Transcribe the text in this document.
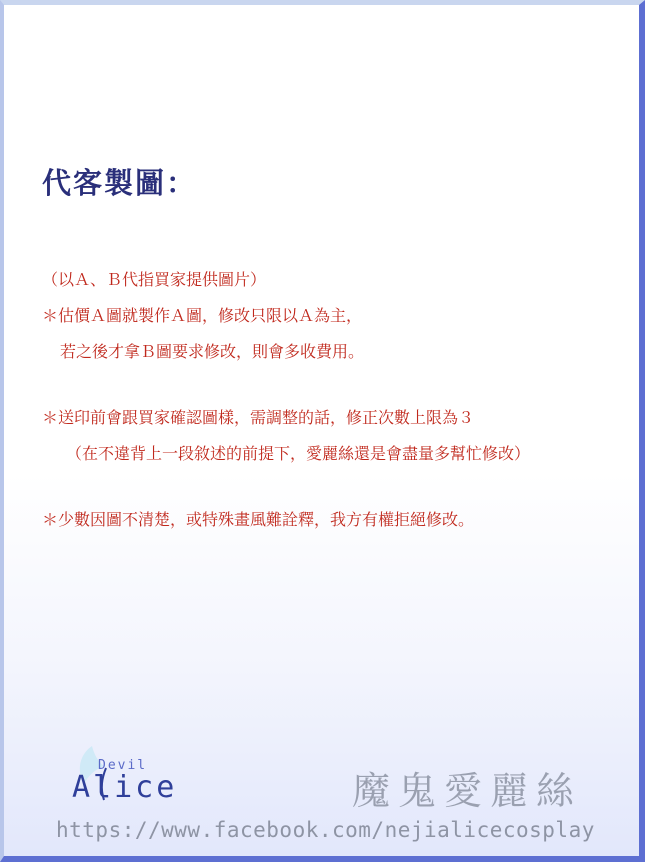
代客製圖：
（以Ａ、Ｂ代指買家提供圖片）
＊估價Ａ圖就製作Ａ圖，修改只限以Ａ為主，
若之後才拿Ｂ圖要求修改，則會多收費用。
＊送印前會跟買家確認圖樣，需調整的話，修正次數上限為３
（在不違背上一段敘述的前提下，愛麗絲還是會盡量多幫忙修改）
＊少數因圖不清楚，或特殊畫風難詮釋，我方有權拒絕修改。
Devil
Alice	魔鬼愛麗絲
https://www.facebook.com/nejialicecosplay
